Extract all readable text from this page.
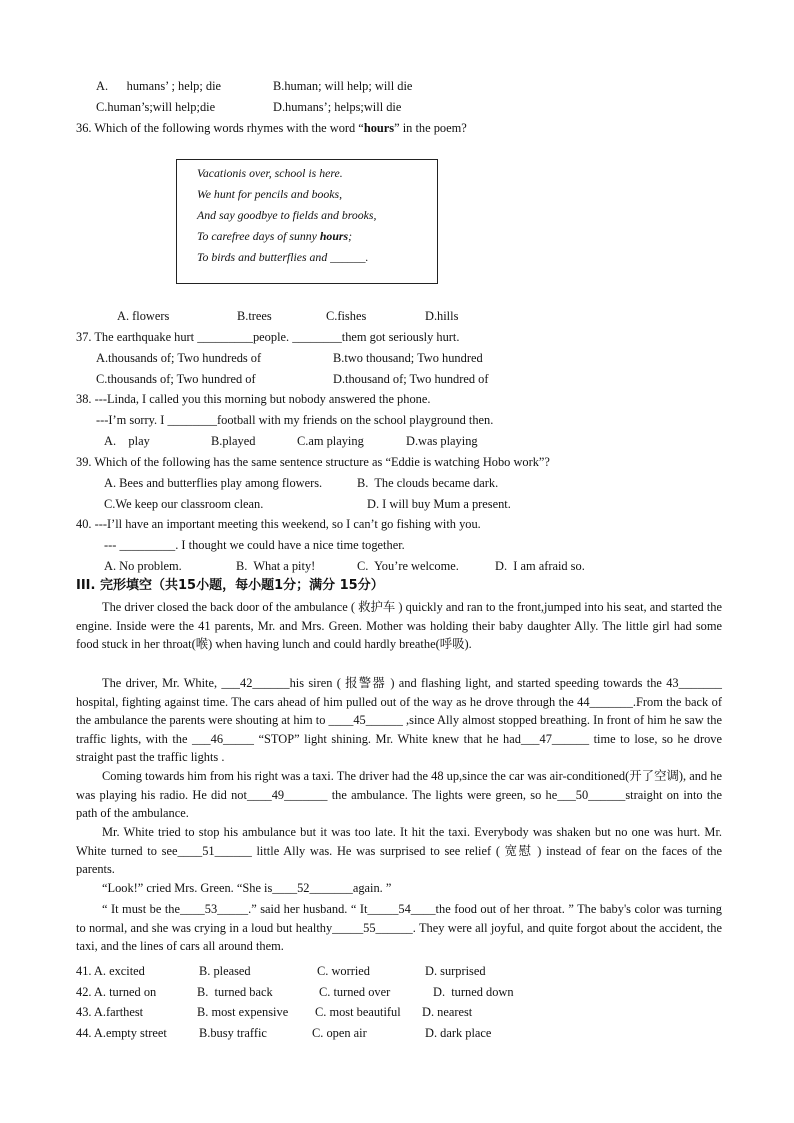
A.      humans’ ; help; die	B.human; will help; will die
C.human’s;will help;die	D.humans’; helps;will die
36. Which of the following words rhymes with the word “hours” in the poem?
Vacationis over, school is here.
We hunt for pencils and books,
And say goodbye to fields and brooks,
To carefree days of sunny hours;
To birds and butterflies and ______.
A. flowers	B.trees	C.fishes	D.hills
37. The earthquake hurt _________people. ________them got seriously hurt.
A.thousands of; Two hundreds of	B.two thousand; Two hundred
C.thousands of; Two hundred of	D.thousand of; Two hundred of
38. ---Linda, I called you this morning but nobody answered the phone.
---I’m sorry. I ________football with my friends on the school playground then.
A.    play	B.played	C.am playing	D.was playing
39. Which of the following has the same sentence structure as “Eddie is watching Hobo work”?
A. Bees and butterflies play among flowers.	B.  The clouds became dark.
C.We keep our classroom clean.	D. I will buy Mum a present.
40. ---I’ll have an important meeting this weekend, so I can’t go fishing with you.
--- _________. I thought we could have a nice time together.
A. No problem.	B.  What a pity!	C.  You’re welcome.	D.  I am afraid so.
III. 完形填空（共15小题，每小题1分；满分 15分）
The driver closed the back door of the ambulance ( 救护车 ) quickly and ran to the front,jumped into his seat, and started the engine. Inside were the 41 parents, Mr. and Mrs. Green. Mother was holding their baby daughter Ally. The little girl had some food stuck in her throat(喉) when having lunch and could hardly breathe(呼吸).
The driver, Mr. White, ___42______his siren ( 报警器 ) and flashing light, and started speeding towards the 43_______ hospital, fighting against time. The cars ahead of him pulled out of the way as he drove through the 44_______.From the back of the ambulance the parents were shouting at him to ____45______ ,since Ally almost stopped breathing. In front of him he saw the traffic lights, with the ___46_____ “STOP” light shining. Mr. White knew that he had___47______ time to lose, so he drove straight past the traffic lights .
Coming towards him from his right was a taxi. The driver had the 48 up,since the car was air-conditioned(开了空调), and he was playing his radio. He did not____49_______ the ambulance. The lights were green, so he___50______straight on into the path of the ambulance.
Mr. White tried to stop his ambulance but it was too late. It hit the taxi. Everybody was shaken but no one was hurt. Mr. White turned to see____51______ little Ally was. He was surprised to see relief ( 宽慰 ) instead of fear on the faces of the parents.
“Look!” cried Mrs. Green. “She is____52_______again. ”
“ It must be the____53_____.” said her husband. “ It_____54____the food out of her throat. ” The baby's color was turning to normal, and she was crying in a loud but healthy_____55______. They were all joyful, and quite forgot about the accident, the taxi, and the lines of cars all around them.
41. A. excited	B. pleased	C. worried	D. surprised
42. A. turned on	B.  turned back	C. turned over	D.  turned down
43. A.farthest	B. most expensive C. most beautiful D. nearest
44. A.empty street	B.busy traffic	C. open air	D. dark place
